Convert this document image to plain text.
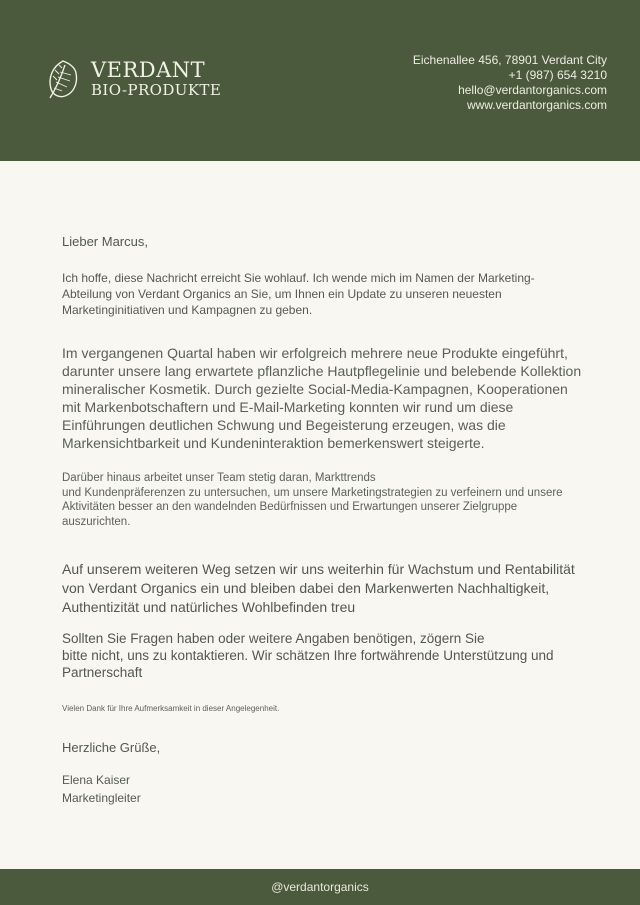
VERDANT
BIO-PRODUKTE
Eichenallee 456, 78901 Verdant City
+1 (987) 654 3210
hello@verdantorganics.com
www.verdantorganics.com

Lieber Marcus,

Ich hoffe, diese Nachricht erreicht Sie wohlauf. Ich wende mich im Namen der Marketing-Abteilung von Verdant Organics an Sie, um Ihnen ein Update zu unseren neuesten Marketinginitiativen und Kampagnen zu geben.

Im vergangenen Quartal haben wir erfolgreich mehrere neue Produkte eingeführt, darunter unsere lang erwartete pflanzliche Hautpflegelinie und belebende Kollektion mineralischer Kosmetik. Durch gezielte Social-Media-Kampagnen, Kooperationen mit Markenbotschaftern und E-Mail-Marketing konnten wir rund um diese Einführungen deutlichen Schwung und Begeisterung erzeugen, was die Markensichtbarkeit und Kundeninteraktion bemerkenswert steigerte.

Darüber hinaus arbeitet unser Team stetig daran, Markttrends
und Kundenpräferenzen zu untersuchen, um unsere Marketingstrategien zu verfeinern und unsere Aktivitäten besser an den wandelnden Bedürfnissen und Erwartungen unserer Zielgruppe auszurichten.

Auf unserem weiteren Weg setzen wir uns weiterhin für Wachstum und Rentabilität von Verdant Organics ein und bleiben dabei den Markenwerten Nachhaltigkeit, Authentizität und natürliches Wohlbefinden treu

Sollten Sie Fragen haben oder weitere Angaben benötigen, zögern Sie
bitte nicht, uns zu kontaktieren. Wir schätzen Ihre fortwährende Unterstützung und Partnerschaft

Vielen Dank für Ihre Aufmerksamkeit in dieser Angelegenheit.

Herzliche Grüße,

Elena Kaiser

Marketingleiter

@verdantorganics
